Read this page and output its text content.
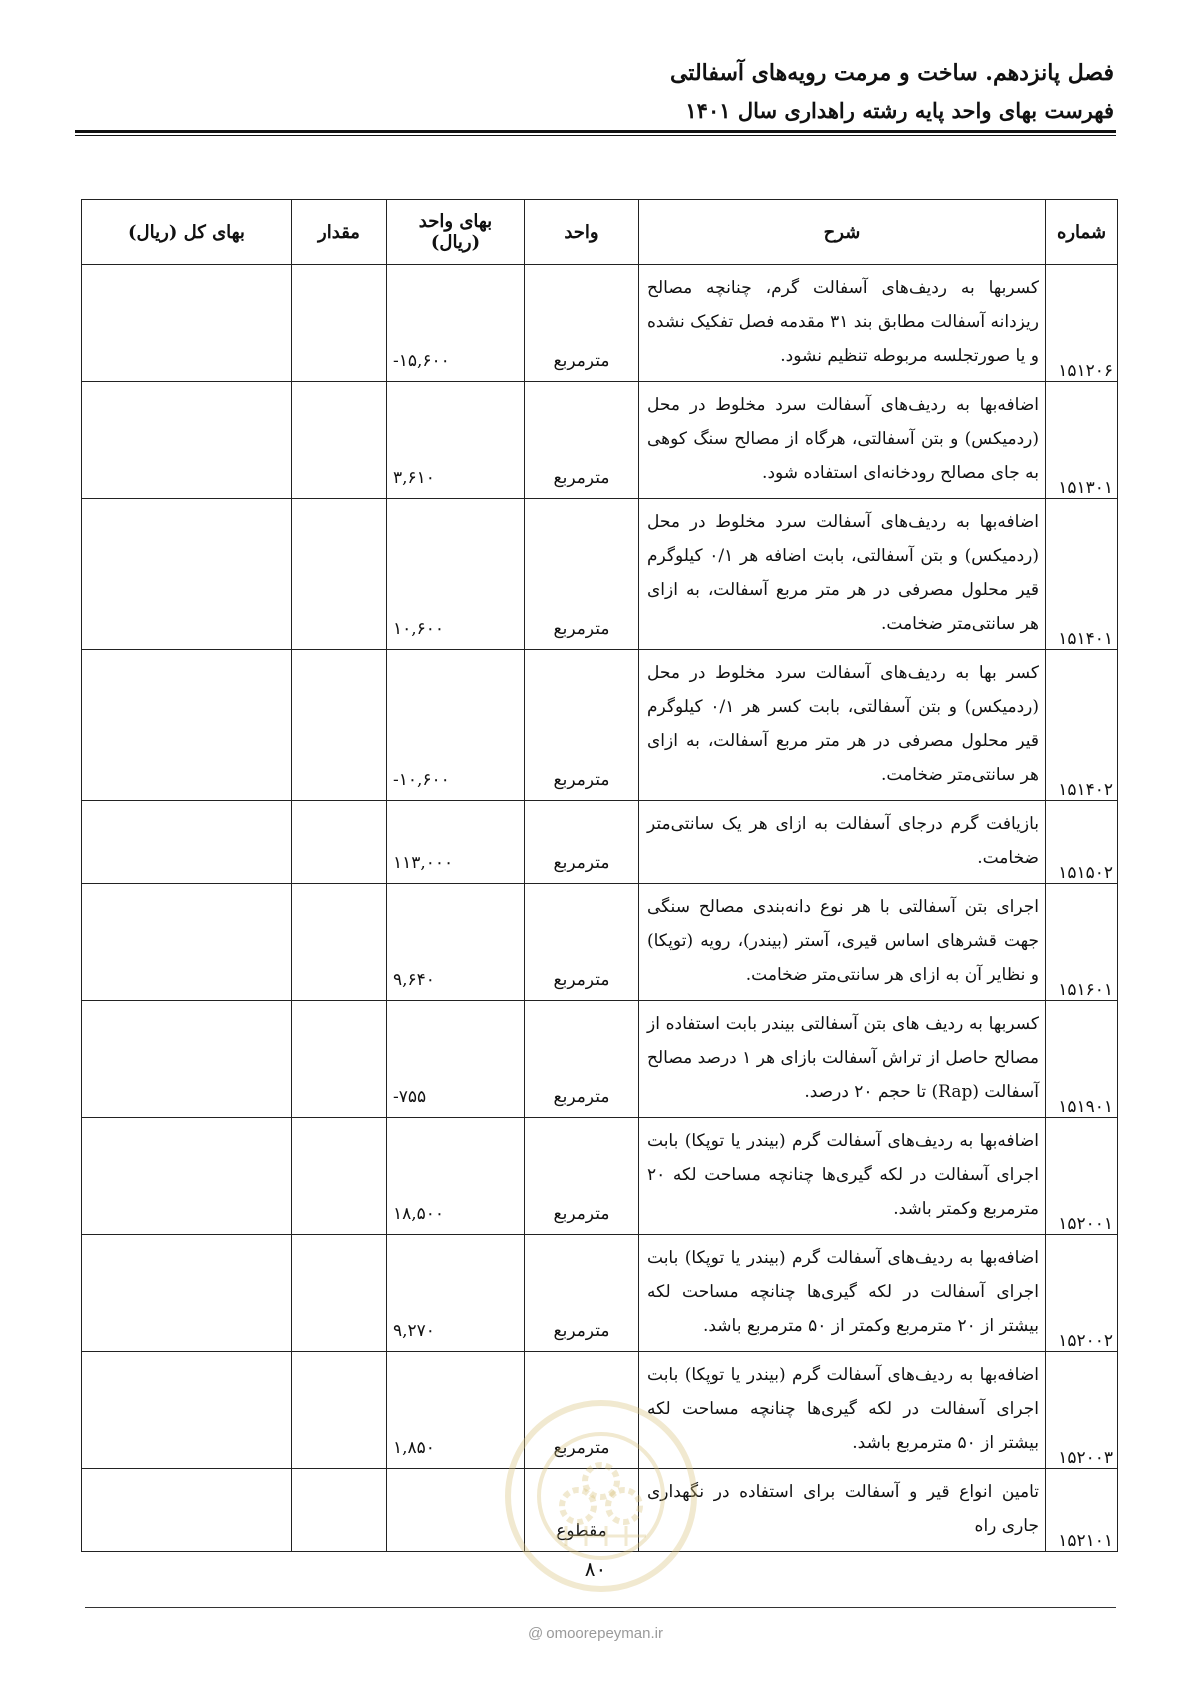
فصل پانزدهم. ساخت و مرمت رویه‌های آسفالتی
فهرست بهای واحد پایه رشته راهداری سال ۱۴۰۱
شماره	شرح	واحد	بهای واحد (ریال)	مقدار	بهای کل (ریال)
۱۵۱۲۰۶	کسربها به ردیف‌های آسفالت گرم، چنانچه مصالح ریزدانه آسفالت مطابق بند ۳۱ مقدمه فصل تفکیک نشده و یا صورتجلسه مربوطه تنظیم نشود.	مترمربع	-۱۵,۶۰۰		
۱۵۱۳۰۱	اضافه‌بها به ردیف‌های آسفالت سرد مخلوط در محل (ردمیکس) و بتن آسفالتی، هرگاه از مصالح سنگ کوهی به جای مصالح رودخانه‌ای استفاده شود.	مترمربع	۳,۶۱۰		
۱۵۱۴۰۱	اضافه‌بها به ردیف‌های آسفالت سرد مخلوط در محل (ردمیکس) و بتن آسفالتی، بابت اضافه هر ۰/۱ کیلوگرم قیر محلول مصرفی در هر متر مربع آسفالت، به ازای هر سانتی‌متر ضخامت.	مترمربع	۱۰,۶۰۰		
۱۵۱۴۰۲	کسر بها به ردیف‌های آسفالت سرد مخلوط در محل (ردمیکس) و بتن آسفالتی، بابت کسر هر ۰/۱ کیلوگرم قیر محلول مصرفی در هر متر مربع آسفالت، به ازای هر سانتی‌متر ضخامت.	مترمربع	-۱۰,۶۰۰		
۱۵۱۵۰۲	بازیافت گرم درجای آسفالت به ازای هر یک سانتی‌متر ضخامت.	مترمربع	۱۱۳,۰۰۰		
۱۵۱۶۰۱	اجرای بتن آسفالتی با هر نوع دانه‌بندی مصالح سنگی جهت قشرهای اساس قیری، آستر (بیندر)، رویه (توپکا) و نظایر آن به ازای هر سانتی‌متر ضخامت.	مترمربع	۹,۶۴۰		
۱۵۱۹۰۱	کسربها به ردیف های بتن آسفالتی بیندر بابت استفاده از مصالح حاصل از تراش آسفالت بازای هر ۱ درصد مصالح آسفالت (Rap) تا حجم ۲۰ درصد.	مترمربع	-۷۵۵		
۱۵۲۰۰۱	اضافه‌بها به ردیف‌های آسفالت گرم (بیندر یا توپکا) بابت اجرای آسفالت در لکه گیری‌ها چنانچه مساحت لکه ۲۰ مترمربع وکمتر باشد.	مترمربع	۱۸,۵۰۰		
۱۵۲۰۰۲	اضافه‌بها به ردیف‌های آسفالت گرم (بیندر یا توپکا) بابت اجرای آسفالت در لکه گیری‌ها چنانچه مساحت لکه بیشتر از ۲۰ مترمربع وکمتر از ۵۰ مترمربع باشد.	مترمربع	۹,۲۷۰		
۱۵۲۰۰۳	اضافه‌بها به ردیف‌های آسفالت گرم (بیندر یا توپکا) بابت اجرای آسفالت در لکه گیری‌ها چنانچه مساحت لکه بیشتر از ۵۰ مترمربع باشد.	مترمربع	۱,۸۵۰		
۱۵۲۱۰۱	تامین انواع قیر و آسفالت برای استفاده در نگهداری جاری راه	مقطوع			
۸۰
@ omoorepeyman.ir
